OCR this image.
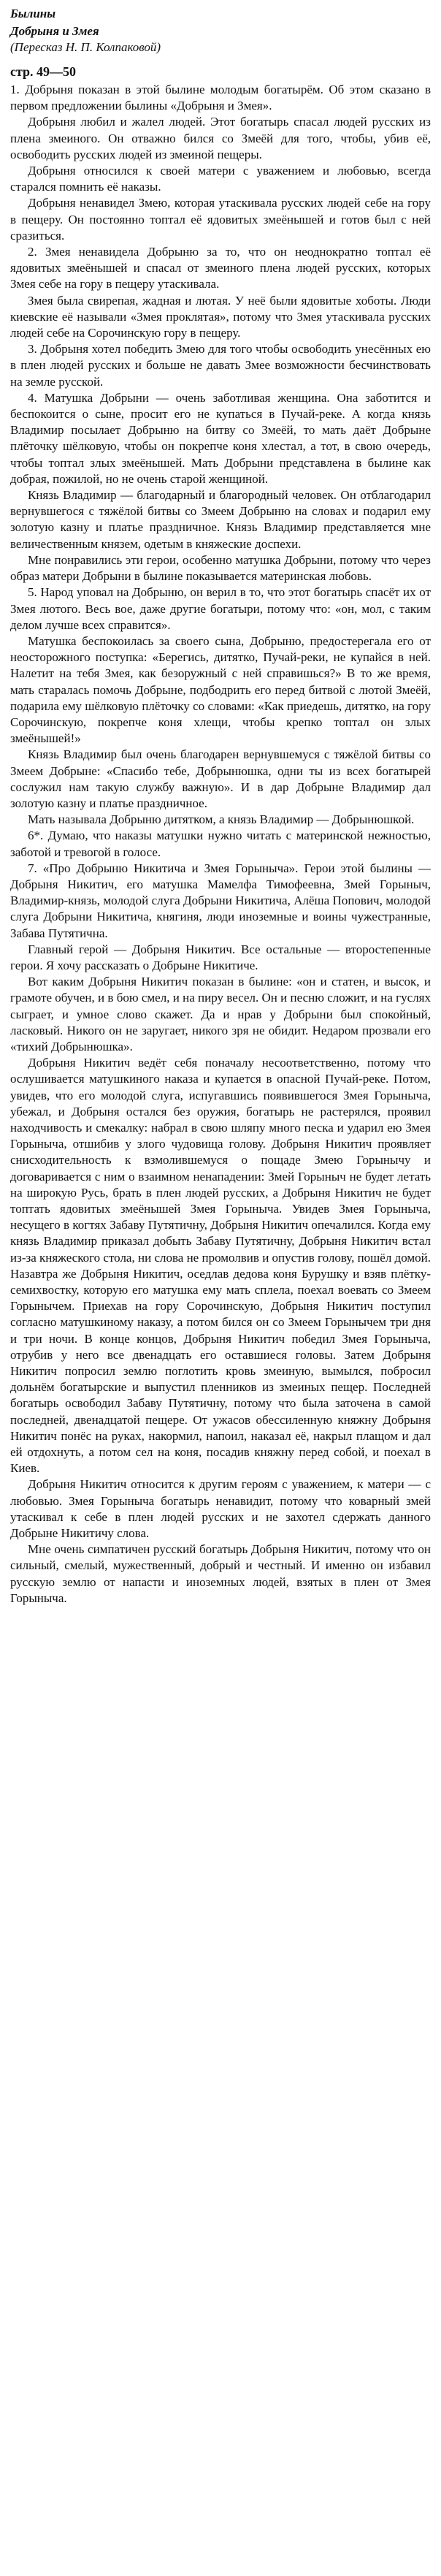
Былины
Добрыня и Змея
(Пересказ Н. П. Колпаковой)
стр. 49—50

1. Добрыня показан в этой былине молодым богатырём. Об этом сказано в первом предложении былины «Добрыня и Змея».

Добрыня любил и жалел людей. Этот богатырь спасал людей русских из плена змеиного. Он отважно бился со Змеёй для того, чтобы, убив её, освободить русских людей из змеиной пещеры.

Добрыня относился к своей матери с уважением и любовью, всегда старался помнить её наказы.

Добрыня ненавидел Змею, которая утаскивала русских людей себе на гору в пещеру. Он постоянно топтал её ядовитых змеёнышей и готов был с ней сразиться.

2. Змея ненавидела Добрыню за то, что он неоднократно топтал её ядовитых змеёнышей и спасал от змеиного плена людей русских, которых Змея себе на гору в пещеру утаскивала.

Змея была свирепая, жадная и лютая. У неё были ядовитые хоботы. Люди киевские её называли «Змея проклятая», потому что Змея утаскивала русских людей себе на Сорочинскую гору в пещеру.

3. Добрыня хотел победить Змею для того чтобы освободить унесённых ею в плен людей русских и больше не давать Змее возможности бесчинствовать на земле русской.

4. Матушка Добрыни — очень заботливая женщина. Она заботится и беспокоится о сыне, просит его не купаться в Пучай-реке. А когда князь Владимир посылает Добрыню на битву со Змеёй, то мать даёт Добрыне плёточку шёлковую, чтобы он покрепче коня хлестал, а тот, в свою очередь, чтобы топтал злых змеёнышей. Мать Добрыни представлена в былине как добрая, пожилой, но не очень старой женщиной.

Князь Владимир — благодарный и благородный человек. Он отблагодарил вернувшегося с тяжёлой битвы со Змеем Добрыню на словах и подарил ему золотую казну и платье праздничное. Князь Владимир представляется мне величественным князем, одетым в княжеские доспехи.

Мне понравились эти герои, особенно матушка Добрыни, потому что через образ матери Добрыни в былине показывается материнская любовь.

5. Народ уповал на Добрыню, он верил в то, что этот богатырь спасёт их от Змея лютого. Весь вое, даже другие богатыри, потому что: «он, мол, с таким делом лучше всех справится».

Матушка беспокоилась за своего сына, Добрыню, предостерегала его от неосторожного поступка: «Берегись, дитятко, Пучай-реки, не купайся в ней. Налетит на тебя Змея, как безоружный с ней справишься?» В то же время, мать старалась помочь Добрыне, подбодрить его перед битвой с лютой Змеёй, подарила ему шёлковую плёточку со словами: «Как приедешь, дитятко, на гору Сорочинскую, покрепче коня хлещи, чтобы крепко топтал он злых змеёнышей!»

Князь Владимир был очень благодарен вернувшемуся с тяжёлой битвы со Змеем Добрыне: «Спасибо тебе, Добрынюшка, одни ты из всех богатырей сослужил нам такую службу важную». И в дар Добрыне Владимир дал золотую казну и платье праздничное.

Мать называла Добрыню дитятком, а князь Владимир — Добрынюшкой.

6*. Думаю, что наказы матушки нужно читать с материнской нежностью, заботой и тревогой в голосе.

7. «Про Добрыню Никитича и Змея Горыныча». Герои этой былины — Добрыня Никитич, его матушка Мамелфа Тимофеевна, Змей Горыныч, Владимир-князь, молодой слуга Добрыни Никитича, Алёша Попович, молодой слуга Добрыни Никитича, княгиня, люди иноземные и воины чужестранные, Забава Путятична.

Главный герой — Добрыня Никитич. Все остальные — второстепенные герои. Я хочу рассказать о Добрыне Никитиче.

Вот каким Добрыня Никитич показан в былине: «он и статен, и высок, и грамоте обучен, и в бою смел, и на пиру весел. Он и песню сложит, и на гуслях сыграет, и умное слово скажет. Да и нрав у Добрыни был спокойный, ласковый. Никого он не заругает, никого зря не обидит. Недаром прозвали его «тихий Добрынюшка».

Добрыня Никитич ведёт себя поначалу несоответственно, потому что ослушивается матушкиного наказа и купается в опасной Пучай-реке. Потом, увидев, что его молодой слуга, испугавшись появившегося Змея Горыныча, убежал, и Добрыня остался без оружия, богатырь не растерялся, проявил находчивость и смекалку: набрал в свою шляпу много песка и ударил ею Змея Горыныча, отшибив у злого чудовища голову. Добрыня Никитич проявляет снисходительность к взмолившемуся о пощаде Змею Горынычу и договаривается с ним о взаимном ненападении: Змей Горыныч не будет летать на широкую Русь, брать в плен людей русских, а Добрыня Никитич не будет топтать ядовитых змеёнышей Змея Горыныча. Увидев Змея Горыныча, несущего в когтях Забаву Путятичну, Добрыня Никитич опечалился. Когда ему князь Владимир приказал добыть Забаву Путятичну, Добрыня Никитич встал из-за княжеского стола, ни слова не промолвив и опустив голову, пошёл домой. Назавтра же Добрыня Никитич, оседлав дедова коня Бурушку и взяв плётку-семихвостку, которую его матушка ему мать сплела, поехал воевать со Змеем Горынычем. Приехав на гору Сорочинскую, Добрыня Никитич поступил согласно матушкиному наказу, а потом бился он со Змеем Горынычем три дня и три ночи. В конце концов, Добрыня Никитич победил Змея Горыныча, отрубив у него все двенадцать его оставшиеся головы. Затем Добрыня Никитич попросил землю поглотить кровь змеиную, вымылся, побросил дольнём богатырские и выпустил пленников из змеиных пещер. Последней богатырь освободил Забаву Путятичну, потому что была заточена в самой последней, двенадцатой пещере. От ужасов обессиленную княжну Добрыня Никитич понёс на руках, накормил, напоил, наказал её, накрыл плащом и дал ей отдохнуть, а потом сел на коня, посадив княжну перед собой, и поехал в Киев.

Добрыня Никитич относится к другим героям с уважением, к матери — с любовью. Змея Горыныча богатырь ненавидит, потому что коварный змей утаскивал к себе в плен людей русских и не захотел сдержать данного Добрыне Никитичу слова.

Мне очень симпатичен русский богатырь Добрыня Никитич, потому что он сильный, смелый, мужественный, добрый и честный. И именно он избавил русскую землю от напасти и иноземных людей, взятых в плен от Змея Горыныча.
